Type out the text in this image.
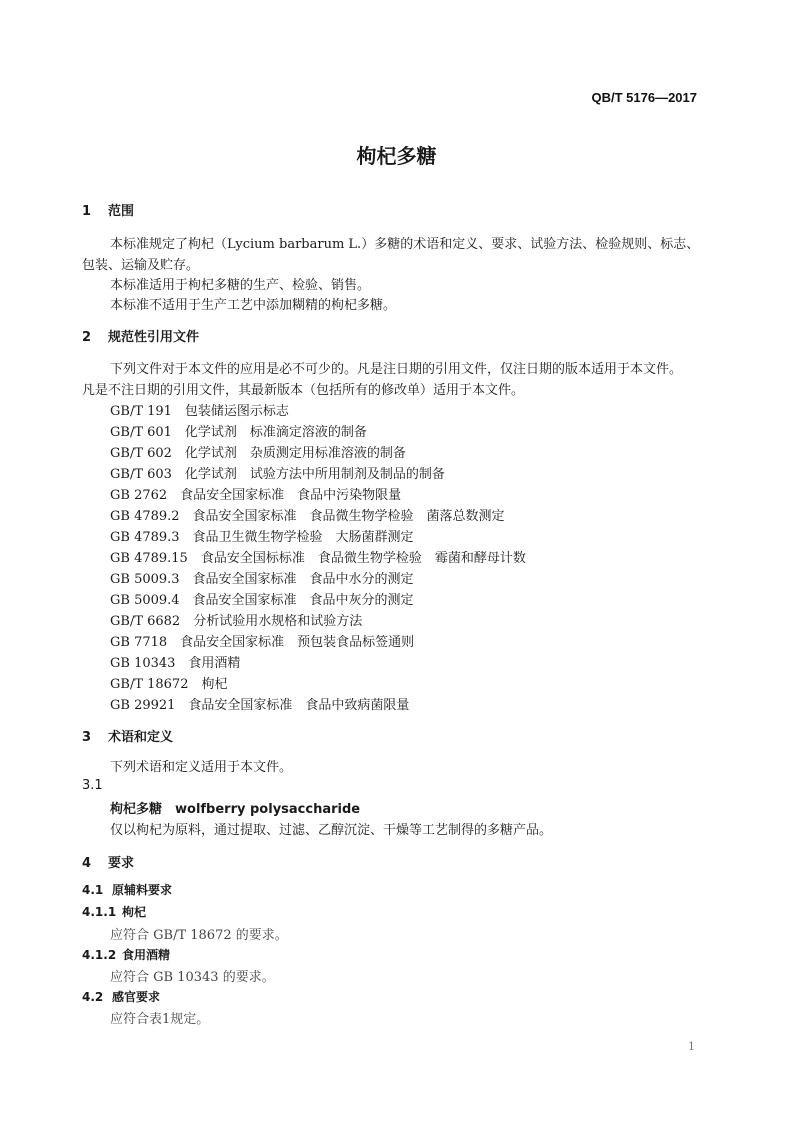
QB/T 5176—2017
枸杞多糖
1 范围
本标准规定了枸杞（Lycium barbarum L.）多糖的术语和定义、要求、试验方法、检验规则、标志、
包装、运输及贮存。
本标准适用于枸杞多糖的生产、检验、销售。
本标准不适用于生产工艺中添加糊精的枸杞多糖。
2 规范性引用文件
下列文件对于本文件的应用是必不可少的。凡是注日期的引用文件，仅注日期的版本适用于本文件。
凡是不注日期的引用文件，其最新版本（包括所有的修改单）适用于本文件。
GB/T 191　包装储运图示标志
GB/T 601　化学试剂　标准滴定溶液的制备
GB/T 602　化学试剂　杂质测定用标准溶液的制备
GB/T 603　化学试剂　试验方法中所用制剂及制品的制备
GB 2762　食品安全国家标准　食品中污染物限量
GB 4789.2　食品安全国家标准　食品微生物学检验　菌落总数测定
GB 4789.3　食品卫生微生物学检验　大肠菌群测定
GB 4789.15　食品安全国标标准　食品微生物学检验　霉菌和酵母计数
GB 5009.3　食品安全国家标准　食品中水分的测定
GB 5009.4　食品安全国家标准　食品中灰分的测定
GB/T 6682　分析试验用水规格和试验方法
GB 7718　食品安全国家标准　预包装食品标签通则
GB 10343　食用酒精
GB/T 18672　枸杞
GB 29921　食品安全国家标准　食品中致病菌限量
3 术语和定义
下列术语和定义适用于本文件。
3.1
枸杞多糖　wolfberry polysaccharide
仅以枸杞为原料，通过提取、过滤、乙醇沉淀、干燥等工艺制得的多糖产品。
4 要求
4.1 原辅料要求
4.1.1 枸杞
应符合 GB/T 18672 的要求。
4.1.2 食用酒精
应符合 GB 10343 的要求。
4.2 感官要求
应符合表1规定。
1
